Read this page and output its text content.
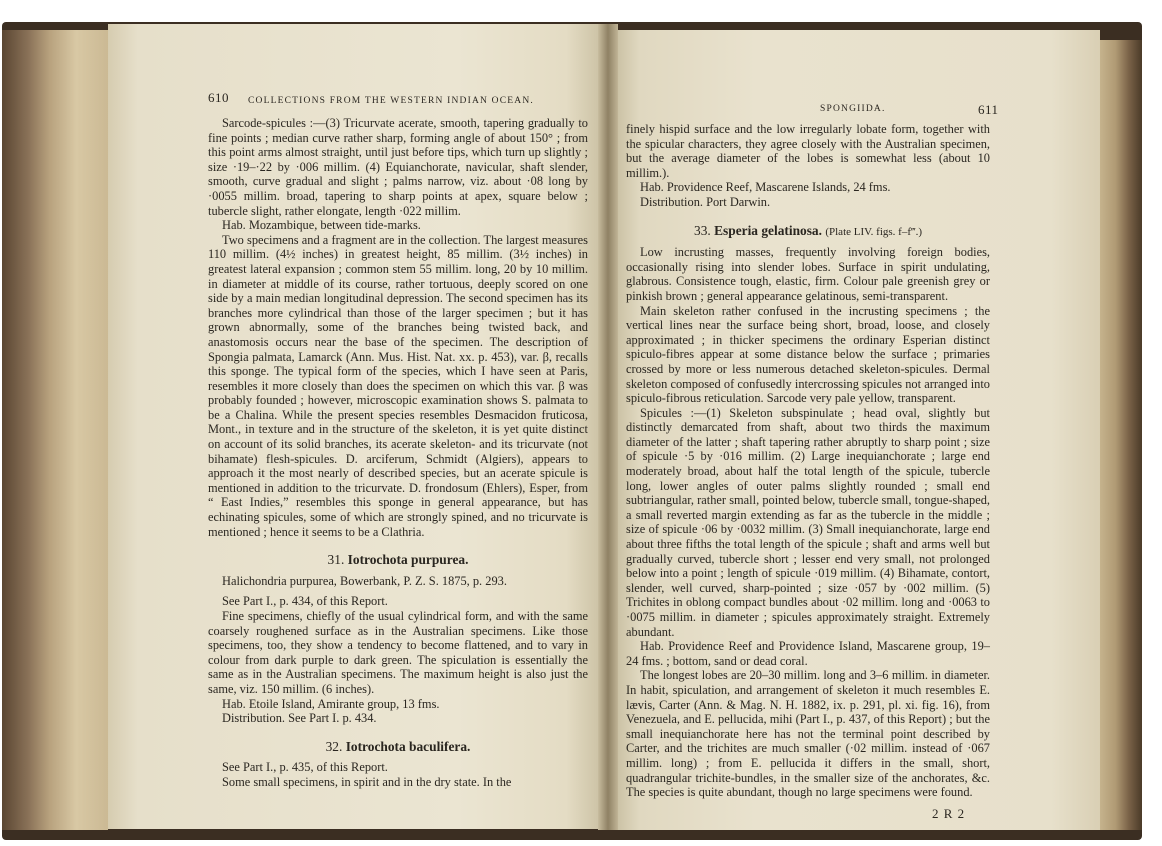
610 COLLECTIONS FROM THE WESTERN INDIAN OCEAN.

Sarcode-spicules :—(3) Tricurvate acerate, smooth, tapering gradually to fine points ; median curve rather sharp, forming angle of about 150° ; from this point arms almost straight, until just before tips, which turn up slightly ; size ·19–·22 by ·006 millim. (4) Equianchorate, navicular, shaft slender, smooth, curve gradual and slight ; palms narrow, viz. about ·08 long by ·0055 millim. broad, tapering to sharp points at apex, square below ; tubercle slight, rather elongate, length ·022 millim.

Hab. Mozambique, between tide-marks.

Two specimens and a fragment are in the collection. The largest measures 110 millim. (4½ inches) in greatest height, 85 millim. (3½ inches) in greatest lateral expansion ; common stem 55 millim. long, 20 by 10 millim. in diameter at middle of its course, rather tortuous, deeply scored on one side by a main median longitudinal depression. The second specimen has its branches more cylindrical than those of the larger specimen ; but it has grown abnormally, some of the branches being twisted back, and anastomosis occurs near the base of the specimen. The description of Spongia palmata, Lamarck (Ann. Mus. Hist. Nat. xx. p. 453), var. β, recalls this sponge. The typical form of the species, which I have seen at Paris, resembles it more closely than does the specimen on which this var. β was probably founded ; however, microscopic examination shows S. palmata to be a Chalina. While the present species resembles Desmacidon fruticosa, Mont., in texture and in the structure of the skeleton, it is yet quite distinct on account of its solid branches, its acerate skeleton- and its tricurvate (not bihamate) flesh-spicules. D. arciferum, Schmidt (Algiers), appears to approach it the most nearly of described species, but an acerate spicule is mentioned in addition to the tricurvate. D. frondosum (Ehlers), Esper, from “ East Indies,” resembles this sponge in general appearance, but has echinating spicules, some of which are strongly spined, and no tricurvate is mentioned ; hence it seems to be a Clathria.

31. Iotrochota purpurea.

Halichondria purpurea, Bowerbank, P. Z. S. 1875, p. 293.

See Part I., p. 434, of this Report.

Fine specimens, chiefly of the usual cylindrical form, and with the same coarsely roughened surface as in the Australian specimens. Like those specimens, too, they show a tendency to become flattened, and to vary in colour from dark purple to dark green. The spiculation is essentially the same as in the Australian specimens. The maximum height is also just the same, viz. 150 millim. (6 inches).

Hab. Etoile Island, Amirante group, 13 fms.

Distribution. See Part I. p. 434.

32. Iotrochota baculifera.

See Part I., p. 435, of this Report.

Some small specimens, in spirit and in the dry state. In the

SPONGIIDA.	611

finely hispid surface and the low irregularly lobate form, together with the spicular characters, they agree closely with the Australian specimen, but the average diameter of the lobes is somewhat less (about 10 millim.).

Hab. Providence Reef, Mascarene Islands, 24 fms.

Distribution. Port Darwin.

33. Esperia gelatinosa. (Plate LIV. figs. f–f‴.)

Low incrusting masses, frequently involving foreign bodies, occasionally rising into slender lobes. Surface in spirit undulating, glabrous. Consistence tough, elastic, firm. Colour pale greenish grey or pinkish brown ; general appearance gelatinous, semi-transparent.

Main skeleton rather confused in the incrusting specimens ; the vertical lines near the surface being short, broad, loose, and closely approximated ; in thicker specimens the ordinary Esperian distinct spiculo-fibres appear at some distance below the surface ; primaries crossed by more or less numerous detached skeleton-spicules. Dermal skeleton composed of confusedly intercrossing spicules not arranged into spiculo-fibrous reticulation. Sarcode very pale yellow, transparent.

Spicules :—(1) Skeleton subspinulate ; head oval, slightly but distinctly demarcated from shaft, about two thirds the maximum diameter of the latter ; shaft tapering rather abruptly to sharp point ; size of spicule ·5 by ·016 millim. (2) Large inequianchorate ; large end moderately broad, about half the total length of the spicule, tubercle long, lower angles of outer palms slightly rounded ; small end subtriangular, rather small, pointed below, tubercle small, tongue-shaped, a small reverted margin extending as far as the tubercle in the middle ; size of spicule ·06 by ·0032 millim. (3) Small inequianchorate, large end about three fifths the total length of the spicule ; shaft and arms well but gradually curved, tubercle short ; lesser end very small, not prolonged below into a point ; length of spicule ·019 millim. (4) Bihamate, contort, slender, well curved, sharp-pointed ; size ·057 by ·002 millim. (5) Trichites in oblong compact bundles about ·02 millim. long and ·0063 to ·0075 millim. in diameter ; spicules approximately straight. Extremely abundant.

Hab. Providence Reef and Providence Island, Mascarene group, 19–24 fms. ; bottom, sand or dead coral.

The longest lobes are 20–30 millim. long and 3–6 millim. in diameter. In habit, spiculation, and arrangement of skeleton it much resembles E. lævis, Carter (Ann. & Mag. N. H. 1882, ix. p. 291, pl. xi. fig. 16), from Venezuela, and E. pellucida, mihi (Part I., p. 437, of this Report) ; but the small inequianchorate here has not the terminal point described by Carter, and the trichites are much smaller (·02 millim. instead of ·067 millim. long) ; from E. pellucida it differs in the small, short, quadrangular trichite-bundles, in the smaller size of the anchorates, &c. The species is quite abundant, though no large specimens were found.

2 R 2
